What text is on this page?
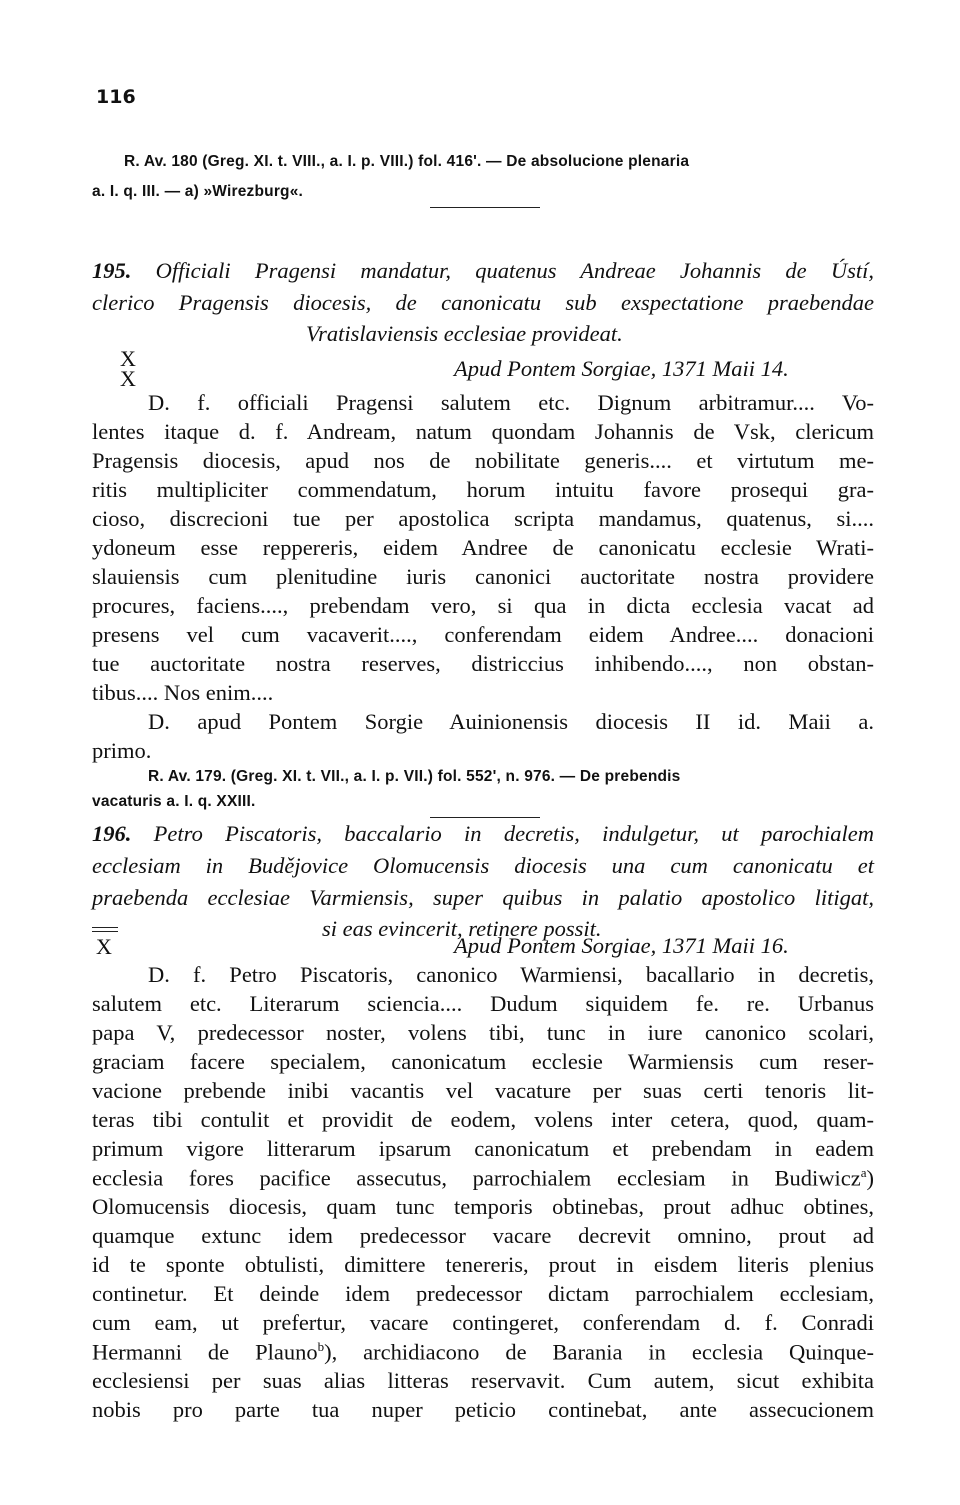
116
R. Av. 180 (Greg. XI. t. VIII., a. I. p. VIII.) fol. 416'. — De absolucione plenaria
a. I. q. III. — a) »Wirezburg«.
195. Officiali Pragensi mandatur, quatenus Andreae Johannis de Ústí,
clerico Pragensis diocesis, de canonicatu sub exspectatione praebendae
Vratislaviensis ecclesiae provideat.
X
X	Apud Pontem Sorgiae, 1371 Maii 14.
D. f. officiali Pragensi salutem etc. Dignum arbitramur.... Vo-
lentes itaque d. f. Andream, natum quondam Johannis de Vsk, clericum
Pragensis diocesis, apud nos de nobilitate generis.... et virtutum me-
ritis multipliciter commendatum, horum intuitu favore prosequi gra-
cioso, discrecioni tue per apostolica scripta mandamus, quatenus, si....
ydoneum esse reppereris, eidem Andree de canonicatu ecclesie Wrati-
slauiensis cum plenitudine iuris canonici auctoritate nostra providere
procures, faciens...., prebendam vero, si qua in dicta ecclesia vacat ad
presens vel cum vacaverit...., conferendam eidem Andree.... donacioni
tue auctoritate nostra reserves, districcius inhibendo...., non obstan-
tibus.... Nos enim....
D. apud Pontem Sorgie Auinionensis diocesis II id. Maii a.
primo.
R. Av. 179. (Greg. XI. t. VII., a. I. p. VII.) fol. 552', n. 976. — De prebendis
vacaturis a. I. q. XXIII.
196. Petro Piscatoris, baccalario in decretis, indulgetur, ut parochialem
ecclesiam in Budějovice Olomucensis diocesis una cum canonicatu et
praebenda ecclesiae Varmiensis, super quibus in palatio apostolico litigat,
si eas evincerit, retinere possit.
X	Apud Pontem Sorgiae, 1371 Maii 16.
D. f. Petro Piscatoris, canonico Warmiensi, bacallario in decretis,
salutem etc. Literarum sciencia.... Dudum siquidem fe. re. Urbanus
papa V, predecessor noster, volens tibi, tunc in iure canonico scolari,
graciam facere specialem, canonicatum ecclesie Warmiensis cum reser-
vacione prebende inibi vacantis vel vacature per suas certi tenoris lit-
teras tibi contulit et providit de eodem, volens inter cetera, quod, quam-
primum vigore litterarum ipsarum canonicatum et prebendam in eadem
ecclesia fores pacifice assecutus, parrochialem ecclesiam in Budiwicz$^a$)
Olomucensis diocesis, quam tunc temporis obtinebas, prout adhuc obtines,
quamque extunc idem predecessor vacare decrevit omnino, prout ad
id te sponte obtulisti, dimittere tenereris, prout in eisdem literis plenius
continetur. Et deinde idem predecessor dictam parrochialem ecclesiam,
cum eam, ut prefertur, vacare contingeret, conferendam d. f. Conradi
Hermanni de Plauno$^b$), archidiacono de Barania in ecclesia Quinque-
ecclesiensi per suas alias litteras reservavit. Cum autem, sicut exhibita
nobis pro parte tua nuper peticio continebat, ante assecucionem
